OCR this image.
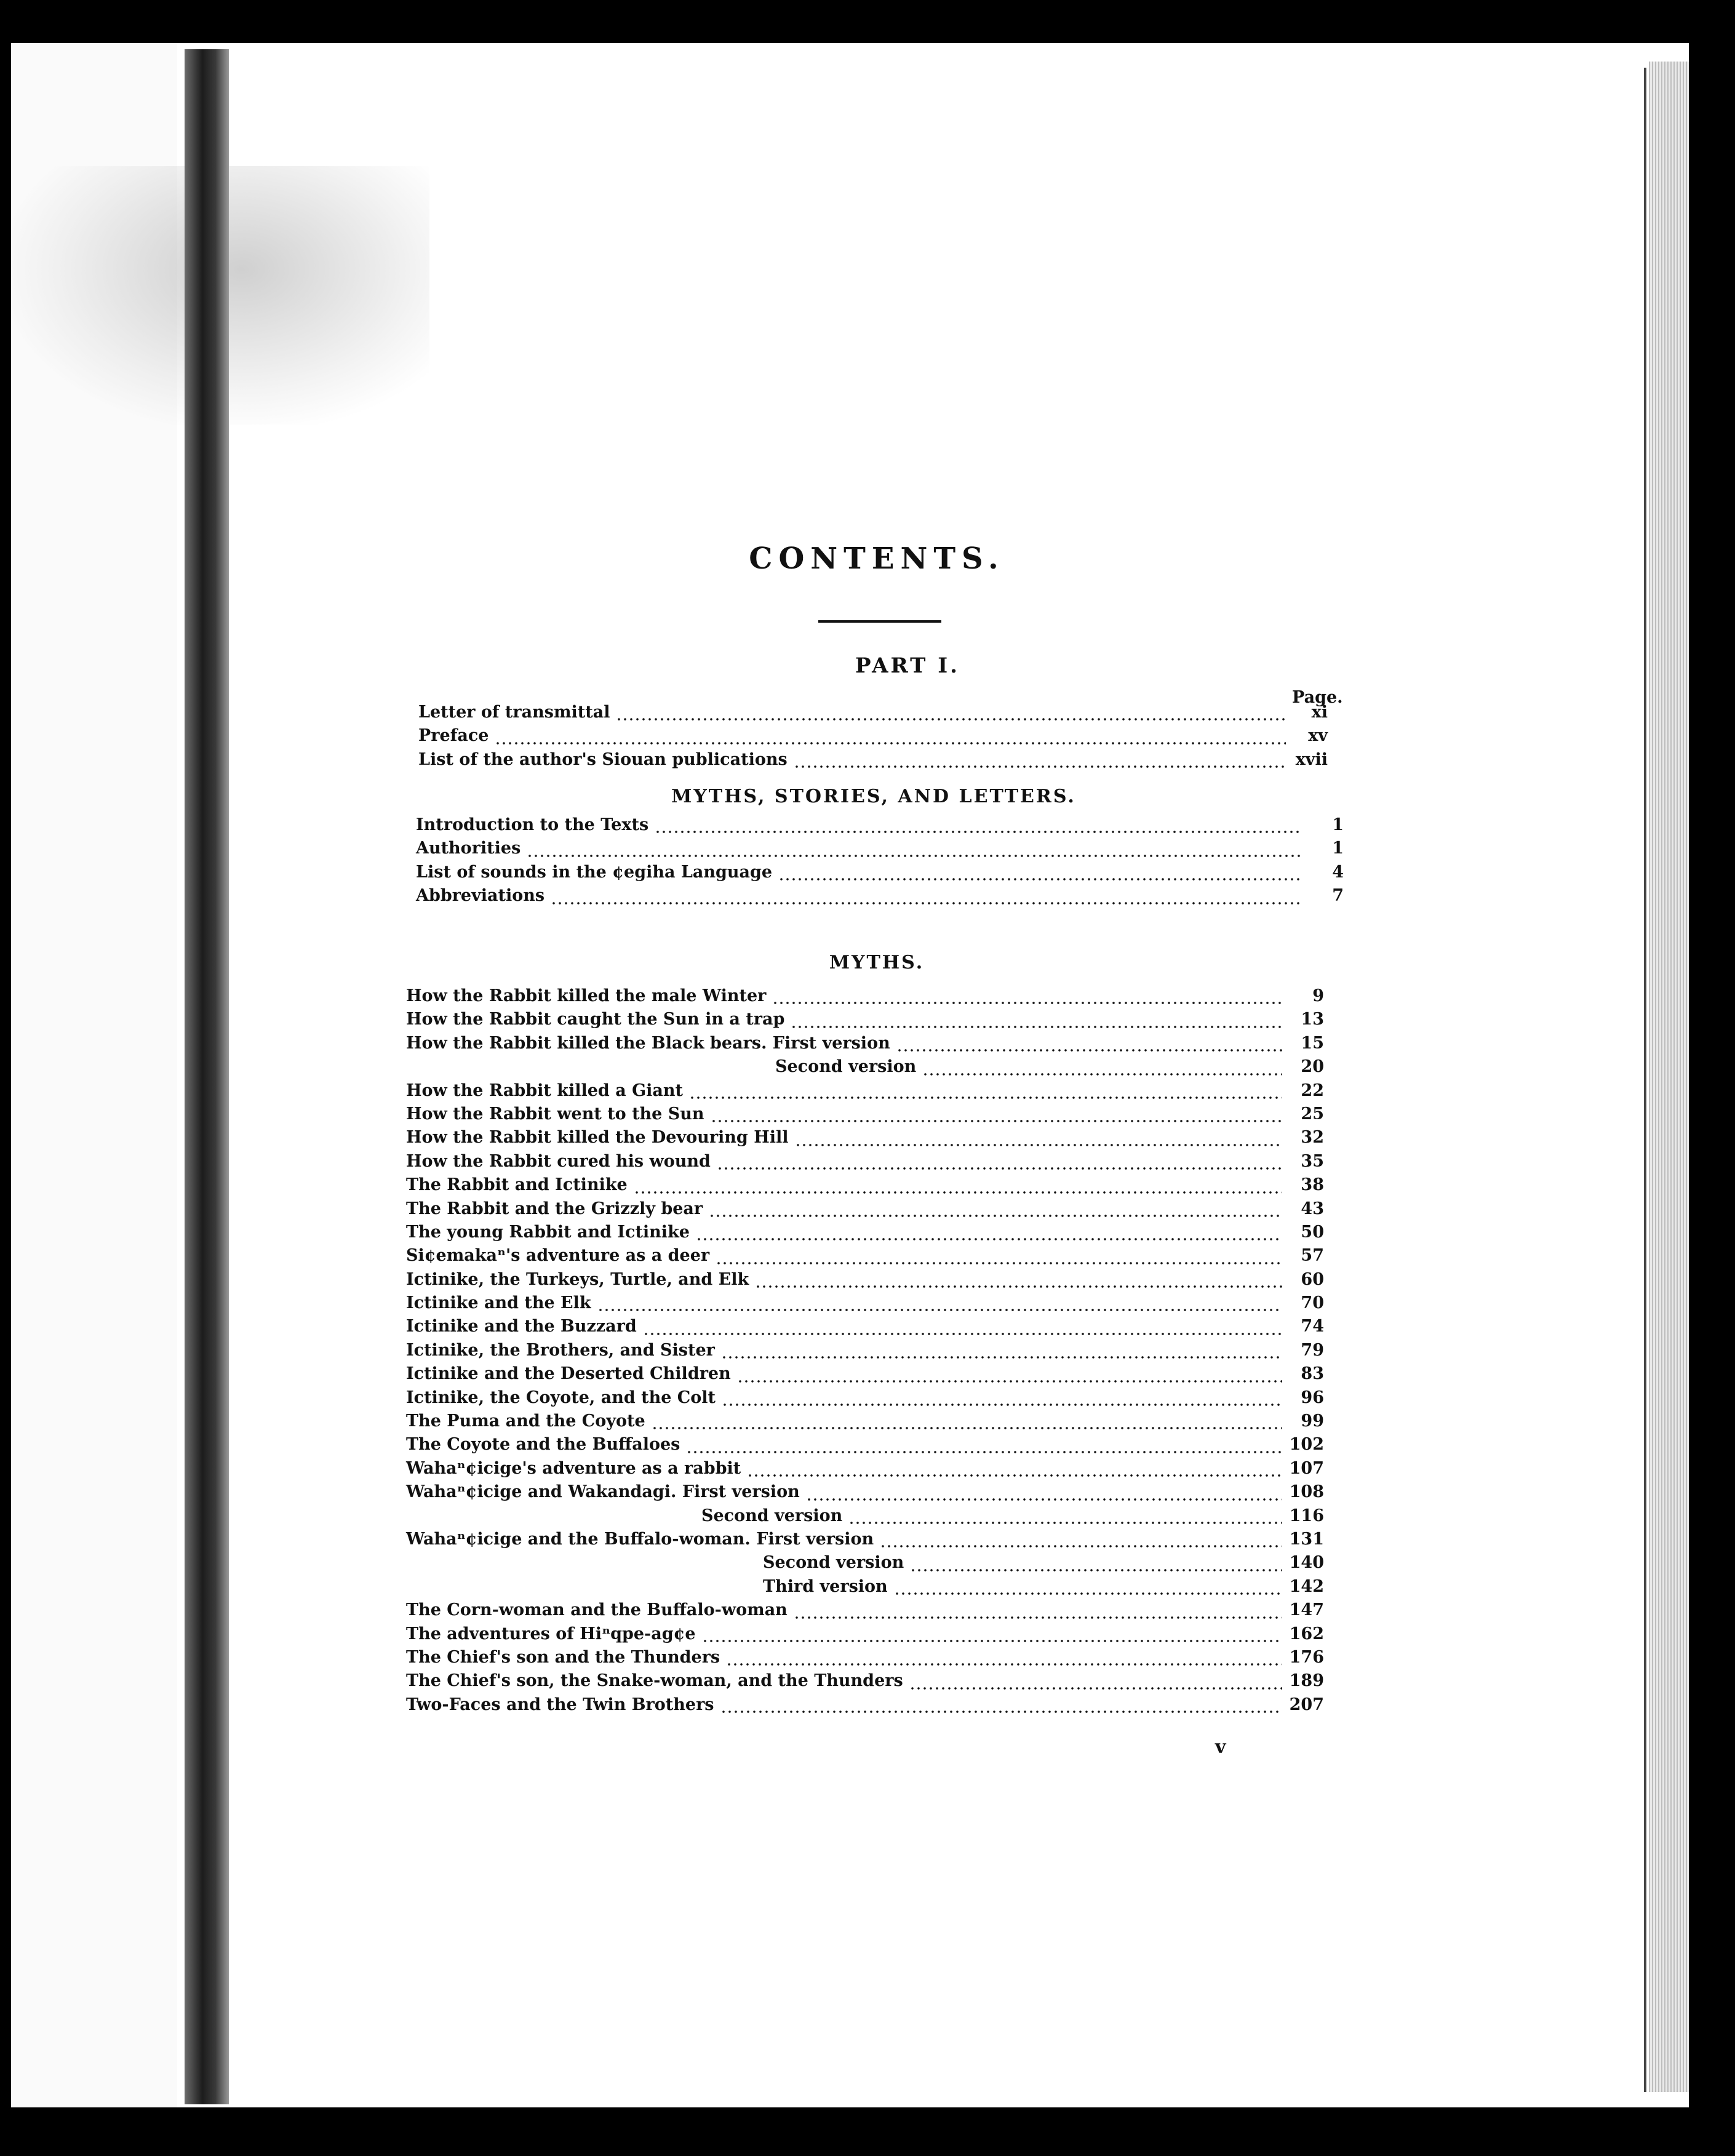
CONTENTS.
PART I.
Page.
Letter of transmittal	xi
Preface	xv
List of the author's Siouan publications	xvii
MYTHS, STORIES, AND LETTERS.
Introduction to the Texts	1
Authorities	1
List of sounds in the ¢egiha Language	4
Abbreviations	7
MYTHS.
How the Rabbit killed the male Winter	9
How the Rabbit caught the Sun in a trap	13
How the Rabbit killed the Black bears. First version	15
Second version	20
How the Rabbit killed a Giant	22
How the Rabbit went to the Sun	25
How the Rabbit killed the Devouring Hill	32
How the Rabbit cured his wound	35
The Rabbit and Ictinike	38
The Rabbit and the Grizzly bear	43
The young Rabbit and Ictinike	50
Si¢emakaⁿ's adventure as a deer	57
Ictinike, the Turkeys, Turtle, and Elk	60
Ictinike and the Elk	70
Ictinike and the Buzzard	74
Ictinike, the Brothers, and Sister	79
Ictinike and the Deserted Children	83
Ictinike, the Coyote, and the Colt	96
The Puma and the Coyote	99
The Coyote and the Buffaloes	102
Wahaⁿ¢icige's adventure as a rabbit	107
Wahaⁿ¢icige and Wakandagi. First version	108
Second version	116
Wahaⁿ¢icige and the Buffalo-woman. First version	131
Second version	140
Third version	142
The Corn-woman and the Buffalo-woman	147
The adventures of Hiⁿqpe-ag¢e	162
The Chief's son and the Thunders	176
The Chief's son, the Snake-woman, and the Thunders	189
Two-Faces and the Twin Brothers	207
v
